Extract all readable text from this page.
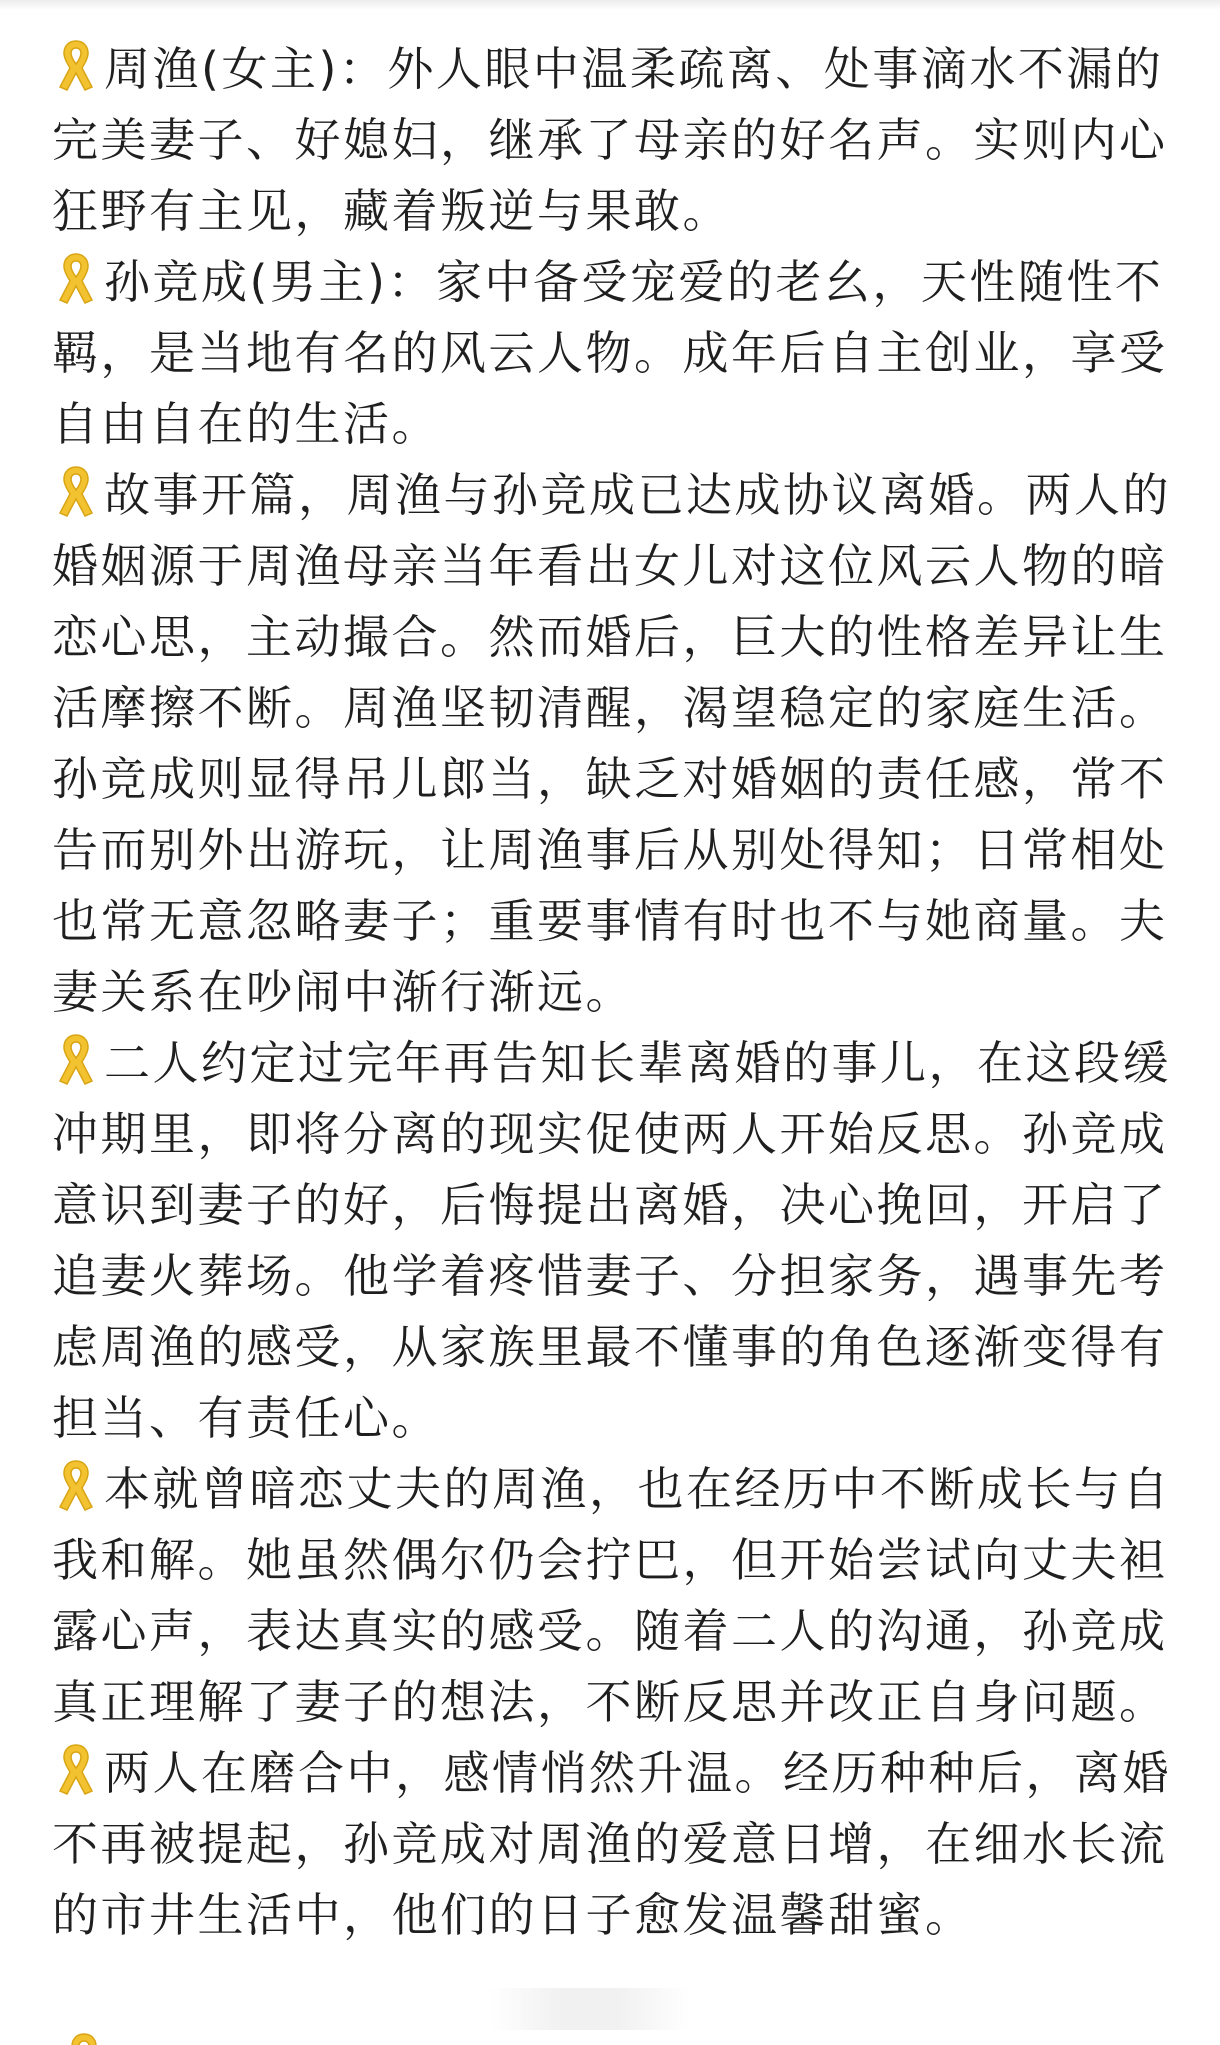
周渔(女主)：外人眼中温柔疏离、处事滴水不漏的完美妻子、好媳妇，继承了母亲的好名声。实则内心狂野有主见，藏着叛逆与果敢。

孙竞成(男主)：家中备受宠爱的老幺，天性随性不羁，是当地有名的风云人物。成年后自主创业，享受自由自在的生活。

故事开篇，周渔与孙竞成已达成协议离婚。两人的婚姻源于周渔母亲当年看出女儿对这位风云人物的暗恋心思，主动撮合。然而婚后，巨大的性格差异让生活摩擦不断。周渔坚韧清醒，渴望稳定的家庭生活。孙竞成则显得吊儿郎当，缺乏对婚姻的责任感，常不告而别外出游玩，让周渔事后从别处得知；日常相处也常无意忽略妻子；重要事情有时也不与她商量。夫妻关系在吵闹中渐行渐远。

二人约定过完年再告知长辈离婚的事儿，在这段缓冲期里，即将分离的现实促使两人开始反思。孙竞成意识到妻子的好，后悔提出离婚，决心挽回，开启了追妻火葬场。他学着疼惜妻子、分担家务，遇事先考虑周渔的感受，从家族里最不懂事的角色逐渐变得有担当、有责任心。

本就曾暗恋丈夫的周渔，也在经历中不断成长与自我和解。她虽然偶尔仍会拧巴，但开始尝试向丈夫袒露心声，表达真实的感受。随着二人的沟通，孙竞成真正理解了妻子的想法，不断反思并改正自身问题。

两人在磨合中，感情悄然升温。经历种种后，离婚不再被提起，孙竞成对周渔的爱意日增，在细水长流的市井生活中，他们的日子愈发温馨甜蜜。
